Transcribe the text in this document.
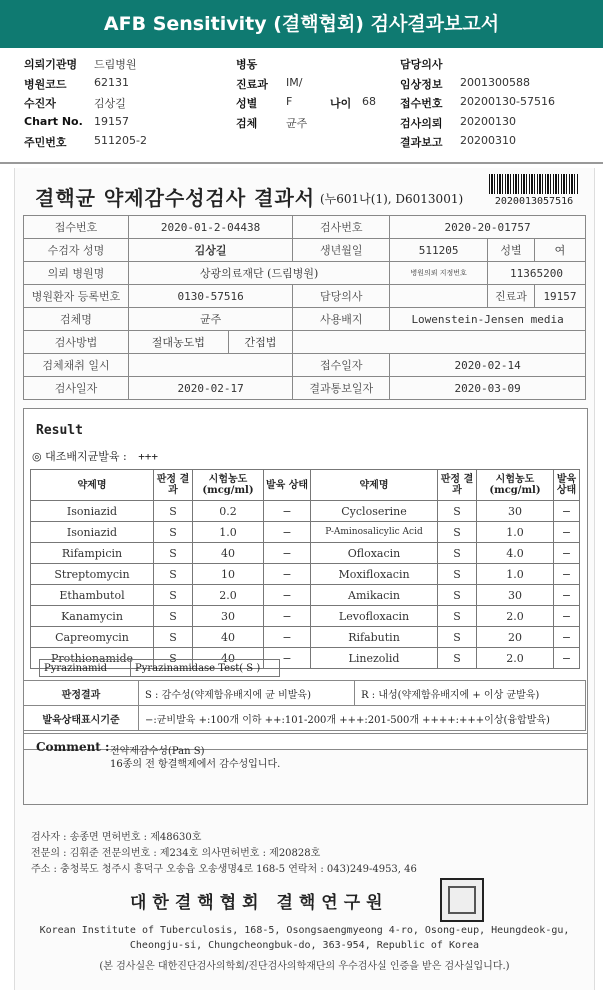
AFB Sensitivity (결핵협회) 검사결과보고서
의뢰기관명 드림병원
병원코드 62131
수진자	김상길
Chart No. 19157
주민번호 511205-2
병동
진료과 IM/
성별	F	나이 68
검체	균주
담당의사
임상정보 2001300588
접수번호 20200130-57516
검사의뢰 20200130
결과보고 20200310
결핵균 약제감수성검사 결과서 (누601나(1), D6013001)	2020013057516
접수번호	2020-01-2-04438		검사번호	2020-20-01757		
수검자 성명	김상길		생년월일	511205	성별	여
의뢰 병원명	상광의료재단 (드림병원)			병원의뢰 지정번호	11365200	
병원환자 등록번호	0130-57516		담당의사		진료과	19157
검체명	균주		사용배지	Lowenstein-Jensen media		
검사방법	절대농도법	간접법				
검체채취 일시			접수일자	2020-02-14		
검사일자	2020-02-17		결과통보일자	2020-03-09		
Result
◎ 대조배지균발육 : +++
약제명	판정 결과	시험농도 (mcg/ml)	발육 상태	약제명	판정 결과	시험농도 (mcg/ml)	발육 상태
Isoniazid	S	0.2	−	Cycloserine	S	30	−
Isoniazid	S	1.0	−	P-Aminosalicylic Acid	S	1.0	−
Rifampicin	S	40	−	Ofloxacin	S	4.0	−
Streptomycin	S	10	−	Moxifloxacin	S	1.0	−
Ethambutol	S	2.0	−	Amikacin	S	30	−
Kanamycin	S	30	−	Levofloxacin	S	2.0	−
Capreomycin	S	40	−	Rifabutin	S	20	−
Prothionamide	S	40	−	Linezolid	S	2.0	−
Pyrazinamid	Pyrazinamidase Test( S )
판정결과	S : 감수성(약제함유배지에 균 비발육)	R : 내성(약제함유배지에 + 이상 균발육)
발육상태표시기준	−:균비발육 +:100개 이하 ++:101-200개 +++:201-500개 ++++:+++이상(융합발육)	
Comment : 전약제감수성(Pan S)
16종의 전 항결핵제에서 감수성입니다.
검사자 : 송종면 면허번호 : 제48630호
전문의 : 김휘준 전문의번호 : 제234호 의사면허번호 : 제20828호
주소 : 충청북도 청주시 흥덕구 오송읍 오송생명4로 168-5 연락처 : 043)249-4953, 46
대한결핵협회 결핵연구원
Korean Institute of Tuberculosis, 168-5, Osongsaengmyeong 4-ro, Osong-eup, Heungdeok-gu,
Cheongju-si, Chungcheongbuk-do, 363-954, Republic of Korea
(본 검사실은 대한진단검사의학회/진단검사의학재단의 우수검사실 인증을 받은 검사실입니다.)
